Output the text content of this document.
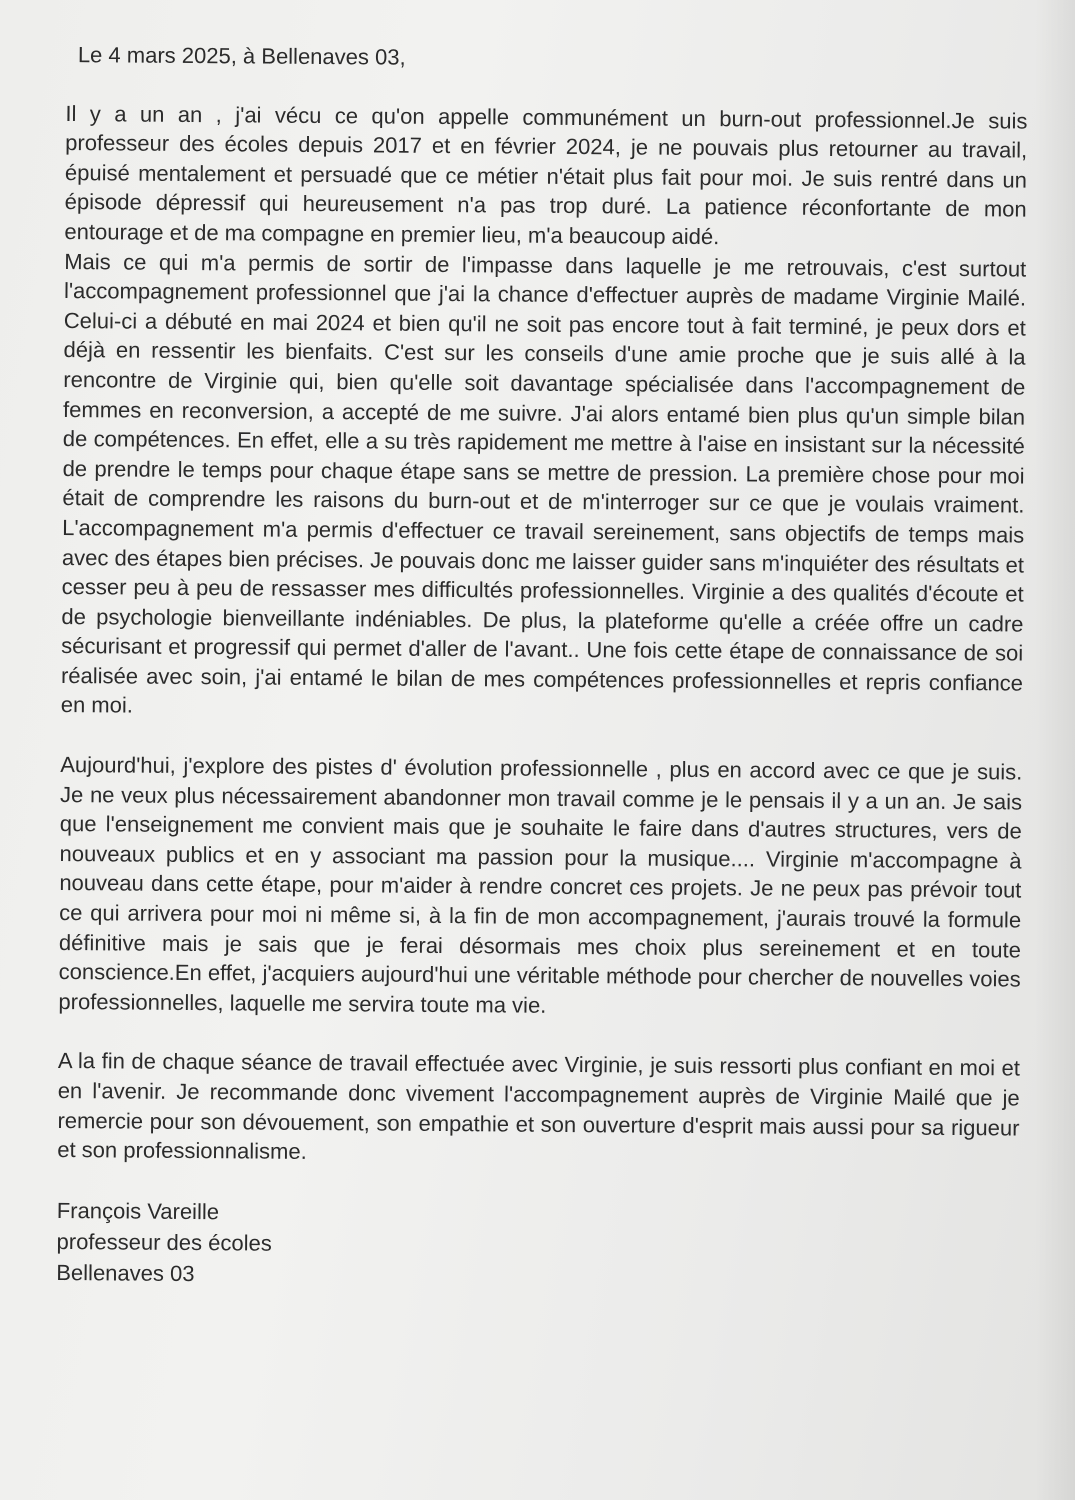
Le 4 mars 2025, à Bellenaves 03,

Il y a un an , j'ai vécu ce qu'on appelle communément un burn-out professionnel.Je suis professeur des écoles depuis 2017 et en février 2024, je ne pouvais plus retourner au travail, épuisé mentalement et persuadé que ce métier n'était plus fait pour moi. Je suis rentré dans un épisode dépressif qui heureusement n'a pas trop duré. La patience réconfortante de mon entourage et de ma compagne en premier lieu, m'a beaucoup aidé.

Mais ce qui m'a permis de sortir de l'impasse dans laquelle je me retrouvais, c'est surtout l'accompagnement professionnel que j'ai la chance d'effectuer auprès de madame Virginie Mailé. Celui-ci a débuté en mai 2024 et bien qu'il ne soit pas encore tout à fait terminé, je peux dors et déjà en ressentir les bienfaits. C'est sur les conseils d'une amie proche que je suis allé à la rencontre de Virginie qui, bien qu'elle soit davantage spécialisée dans l'accompagnement de femmes en reconversion, a accepté de me suivre. J'ai alors entamé bien plus qu'un simple bilan de compétences. En effet, elle a su très rapidement me mettre à l'aise en insistant sur la nécessité de prendre le temps pour chaque étape sans se mettre de pression. La première chose pour moi était de comprendre les raisons du burn-out et de m'interroger sur ce que je voulais vraiment. L'accompagnement m'a permis d'effectuer ce travail sereinement, sans objectifs de temps mais avec des étapes bien précises. Je pouvais donc me laisser guider sans m'inquiéter des résultats et cesser peu à peu de ressasser mes difficultés professionnelles. Virginie a des qualités d'écoute et de psychologie bienveillante indéniables. De plus, la plateforme qu'elle a créée offre un cadre sécurisant et progressif qui permet d'aller de l'avant.. Une fois cette étape de connaissance de soi réalisée avec soin, j'ai entamé le bilan de mes compétences professionnelles et repris confiance en moi.

Aujourd'hui, j'explore des pistes d' évolution professionnelle , plus en accord avec ce que je suis. Je ne veux plus nécessairement abandonner mon travail comme je le pensais il y a un an. Je sais que l'enseignement me convient mais que je souhaite le faire dans d'autres structures, vers de nouveaux publics et en y associant ma passion pour la musique.... Virginie m'accompagne à nouveau dans cette étape, pour m'aider à rendre concret ces projets. Je ne peux pas prévoir tout ce qui arrivera pour moi ni même si, à la fin de mon accompagnement, j'aurais trouvé la formule définitive mais je sais que je ferai désormais mes choix plus sereinement et en toute conscience.En effet, j'acquiers aujourd'hui une véritable méthode pour chercher de nouvelles voies professionnelles, laquelle me servira toute ma vie.

A la fin de chaque séance de travail effectuée avec Virginie, je suis ressorti plus confiant en moi et en l'avenir. Je recommande donc vivement l'accompagnement auprès de Virginie Mailé que je remercie pour son dévouement, son empathie et son ouverture d'esprit mais aussi pour sa rigueur et son professionnalisme.

François Vareille
professeur des écoles
Bellenaves 03
